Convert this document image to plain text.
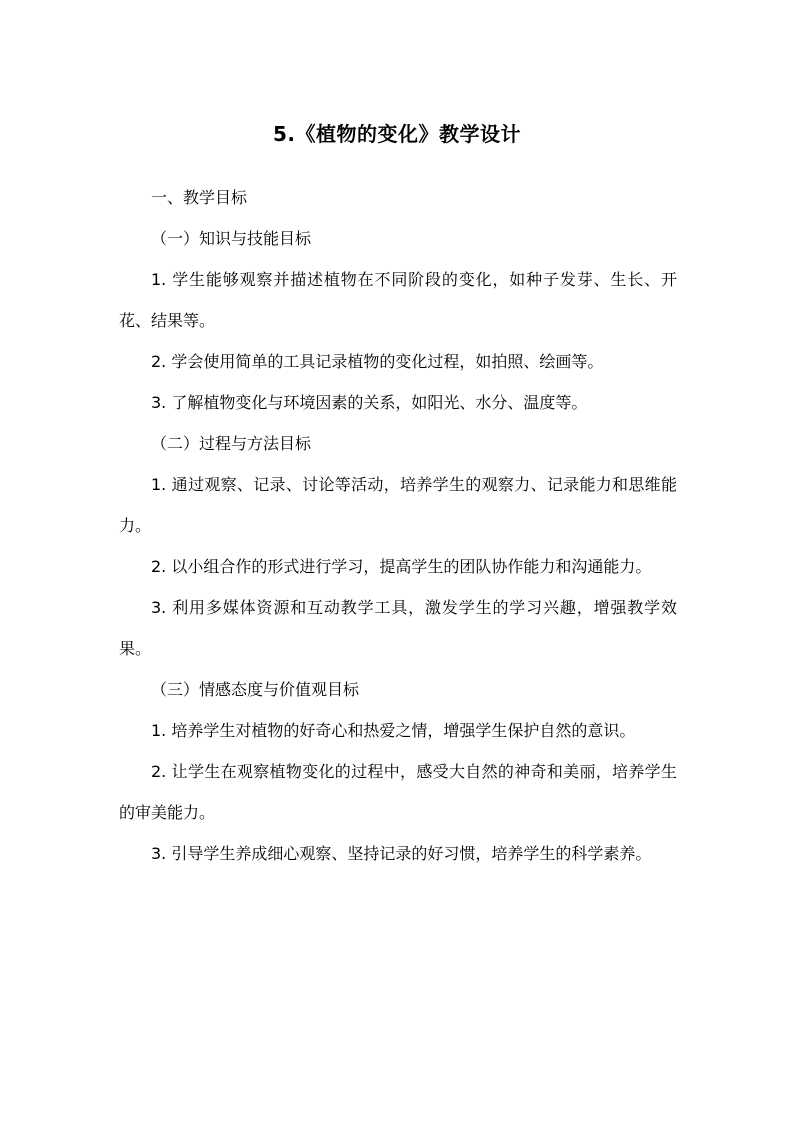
5.《植物的变化》教学设计

一、教学目标

（一）知识与技能目标

1. 学生能够观察并描述植物在不同阶段的变化，如种子发芽、生长、开花、结果等。

2. 学会使用简单的工具记录植物的变化过程，如拍照、绘画等。

3. 了解植物变化与环境因素的关系，如阳光、水分、温度等。

（二）过程与方法目标

1. 通过观察、记录、讨论等活动，培养学生的观察力、记录能力和思维能力。

2. 以小组合作的形式进行学习，提高学生的团队协作能力和沟通能力。

3. 利用多媒体资源和互动教学工具，激发学生的学习兴趣，增强教学效果。

（三）情感态度与价值观目标

1. 培养学生对植物的好奇心和热爱之情，增强学生保护自然的意识。

2. 让学生在观察植物变化的过程中，感受大自然的神奇和美丽，培养学生的审美能力。

3. 引导学生养成细心观察、坚持记录的好习惯，培养学生的科学素养。
